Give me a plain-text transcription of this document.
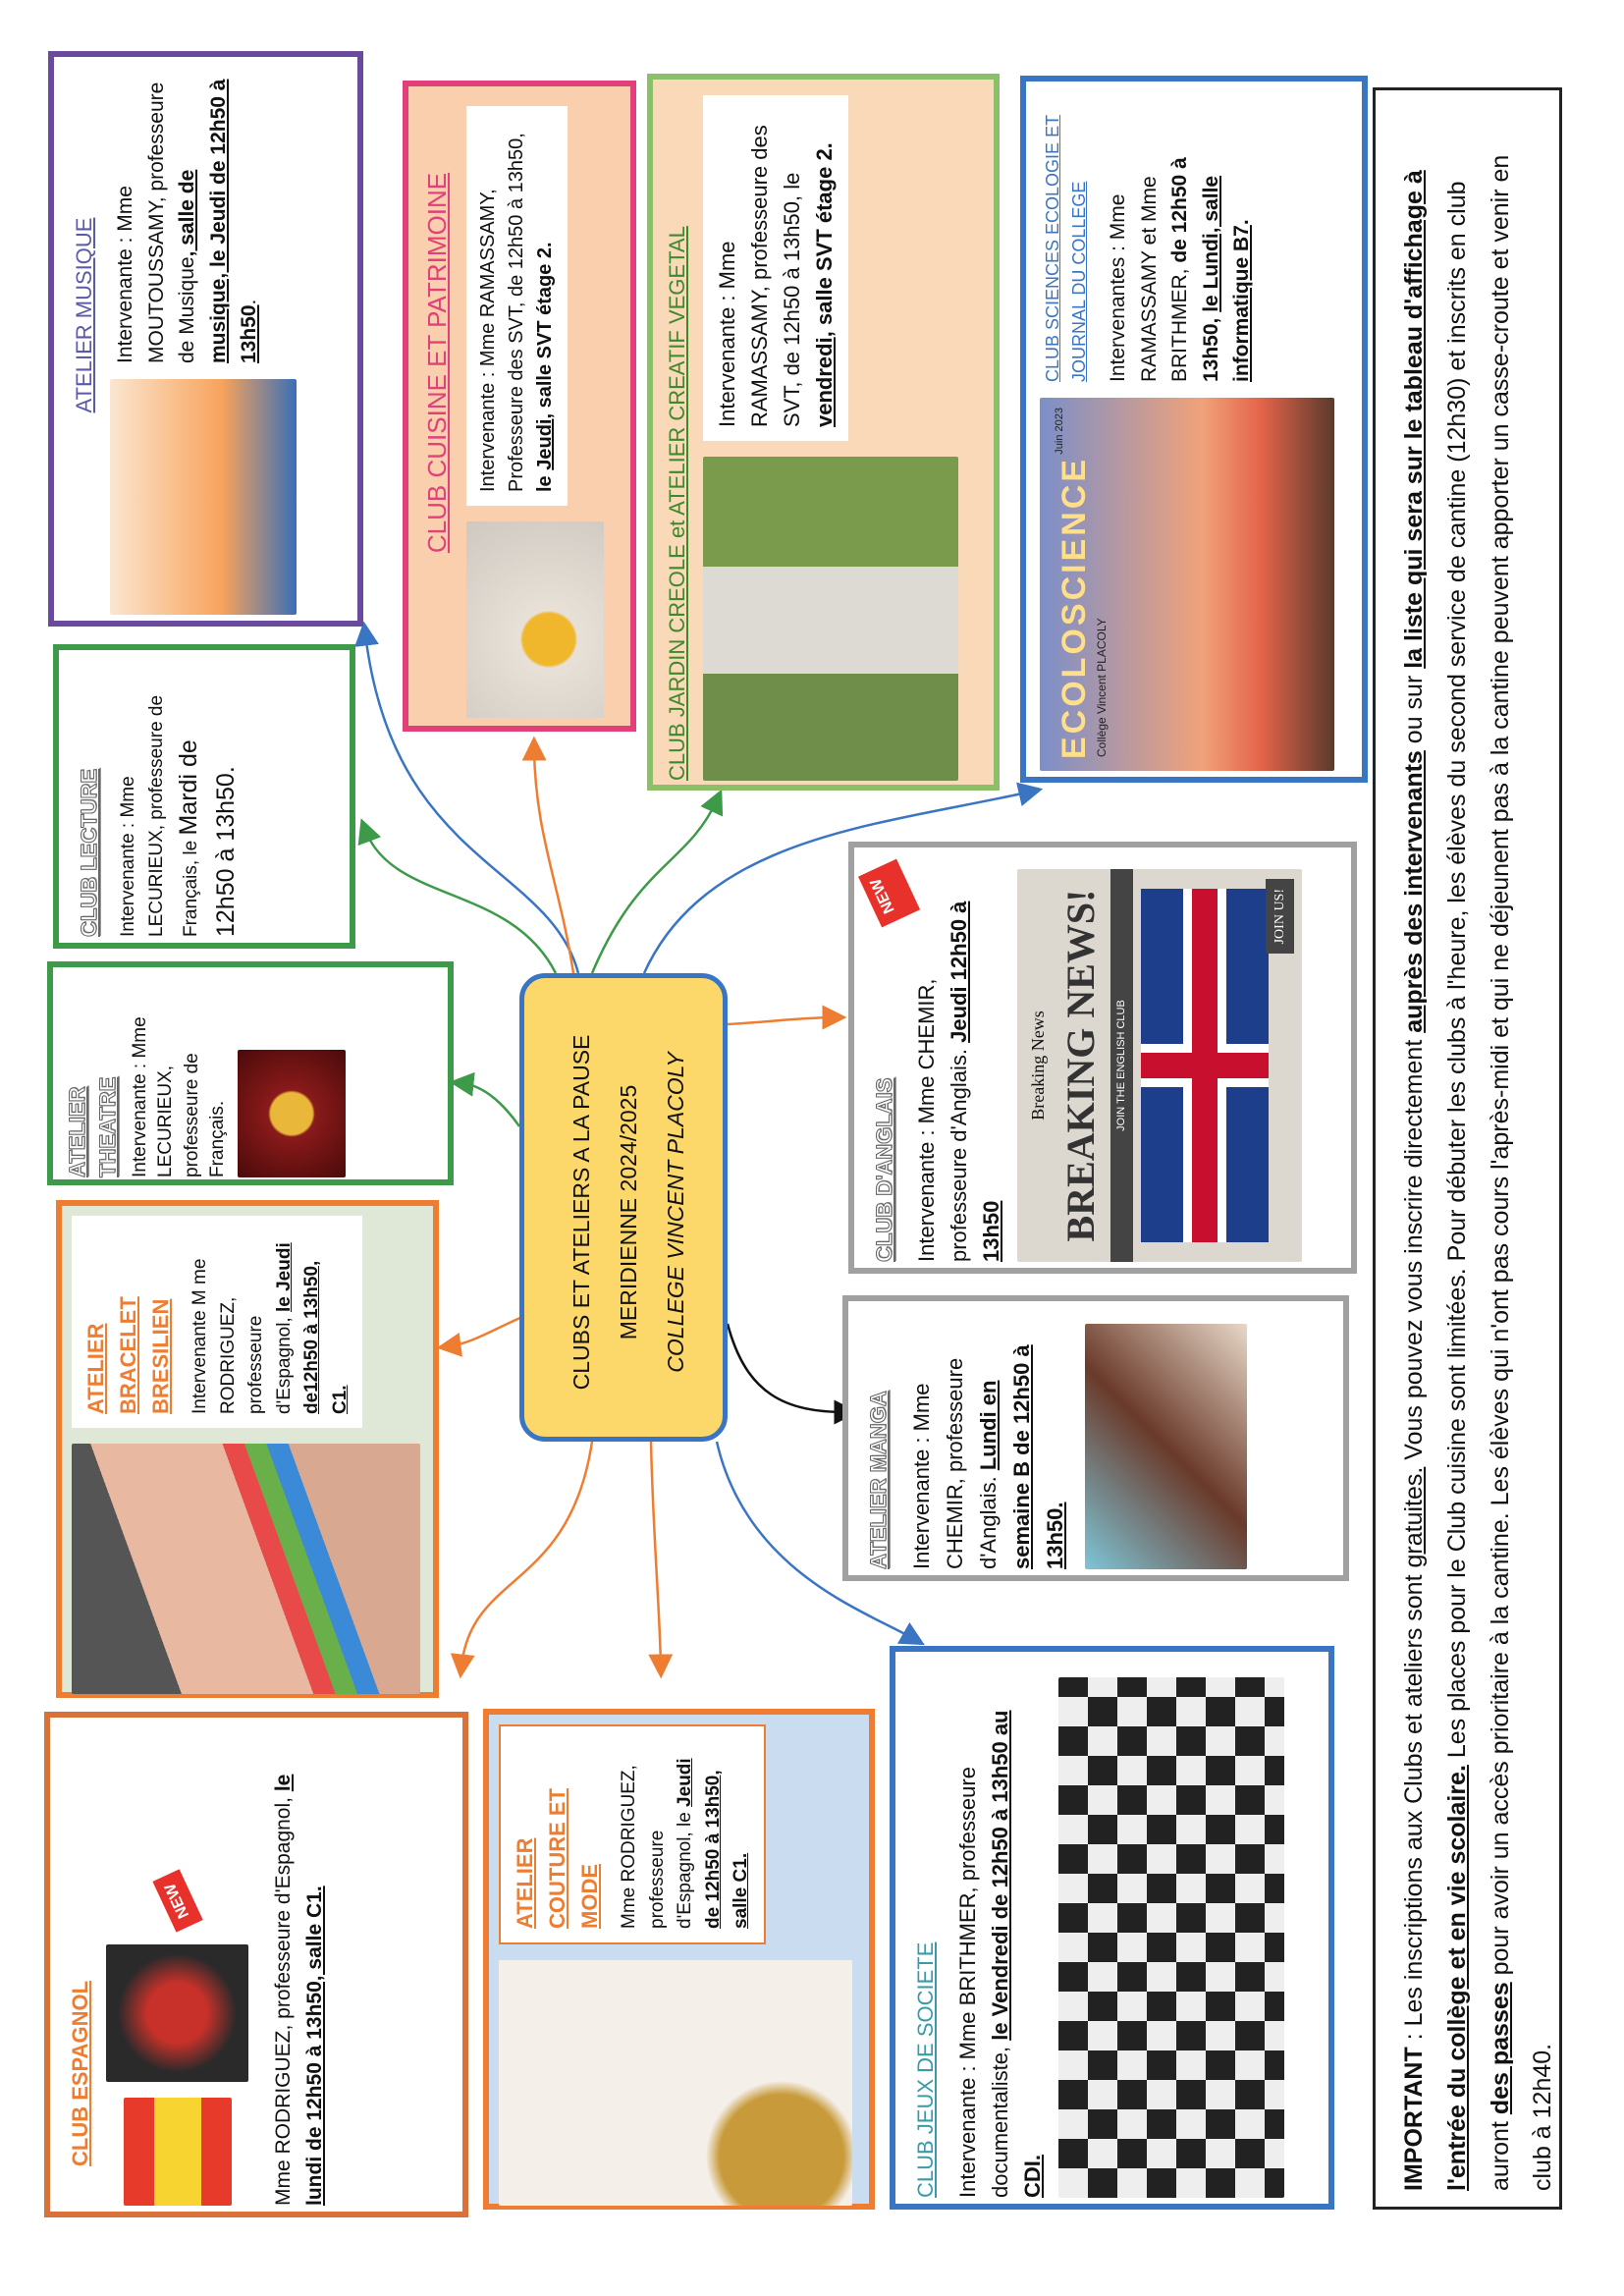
ATELIER MUSIQUE Intervenante : Mme MOUTOUSSAMY, professeure de Musique, salle de musique, le Jeudi de 12h50 à 13h50.	CLUB CUISINE ET PATRIMOINE	Intervenante : Mme RAMASSAMY, Professeure des SVT, de 12h50 à 13h50, le Jeudi, salle SVT étage 2.	CLUB JARDIN CREOLE et ATELIER CREATIF VEGETAL	Intervenante : Mme RAMASSAMY, professeure des SVT, de 12h50 à 13h50, le vendredi, salle SVT étage 2.
ECOLOSCIENCE Collège Vincent PLACOLY
Juin 2023
CLUB SCIENCES ECOLOGIE ET JOURNAL DU COLLEGE Intervenantes : Mme RAMASSAMY et Mme BRITHMER, de 12h50 à 13h50, le Lundi, salle informatique B7.
CLUB LECTURE Intervenante : Mme LECURIEUX, professeure de Français, le Mardi de 12h50 à 13h50.
ATELIER THEATRE Intervenante : Mme LECURIEUX, professeure de Français.	CLUBS ET ATELIERS A LA PAUSE MERIDIENNE 2024/2025 COLLEGE VINCENT PLACOLY	CLUB D'ANGLAIS
NEW
Intervenante : Mme CHEMIR, professeure d'Anglais. Jeudi 12h50 à 13h50
Breaking News BREAKING NEWS!	JOIN THE ENGLISH CLUB
JOIN US!
ATELIER MANGA Intervenante : Mme CHEMIR, professeure d'Anglais. Lundi en semaine B de 12h50 à 13h50.
ATELIER BRACELET BRESILIEN Intervenante M me RODRIGUEZ, professeure d'Espagnol, le Jeudi de12h50 à 13h50, C1.
CLUB ESPAGNOL
NEW	Mme RODRIGUEZ, professeure d'Espagnol, le lundi de 12h50 à 13h50, salle C1.
ATELIER COUTURE ET MODE Mme RODRIGUEZ, professeure d'Espagnol, le Jeudi de 12h50 à 13h50, salle C1.
CLUB JEUX DE SOCIETE Intervenante : Mme BRITHMER, professeure documentaliste, le Vendredi de 12h50 à 13h50 au CDI.	IMPORTANT : Les inscriptions aux Clubs et ateliers sont gratuites. Vous pouvez vous inscrire directement auprès des intervenants ou sur la liste qui sera sur le tableau d'affichage à l'entrée du collège et en vie scolaire. Les places pour le Club cuisine sont limitées. Pour débuter les clubs à l'heure, les élèves du second service de cantine (12h30) et inscrits en club auront des passes pour avoir un accès prioritaire à la cantine. Les élèves qui n'ont pas cours l'après-midi et qui ne déjeunent pas à la cantine peuvent apporter un casse-croute et venir en club à 12h40.
